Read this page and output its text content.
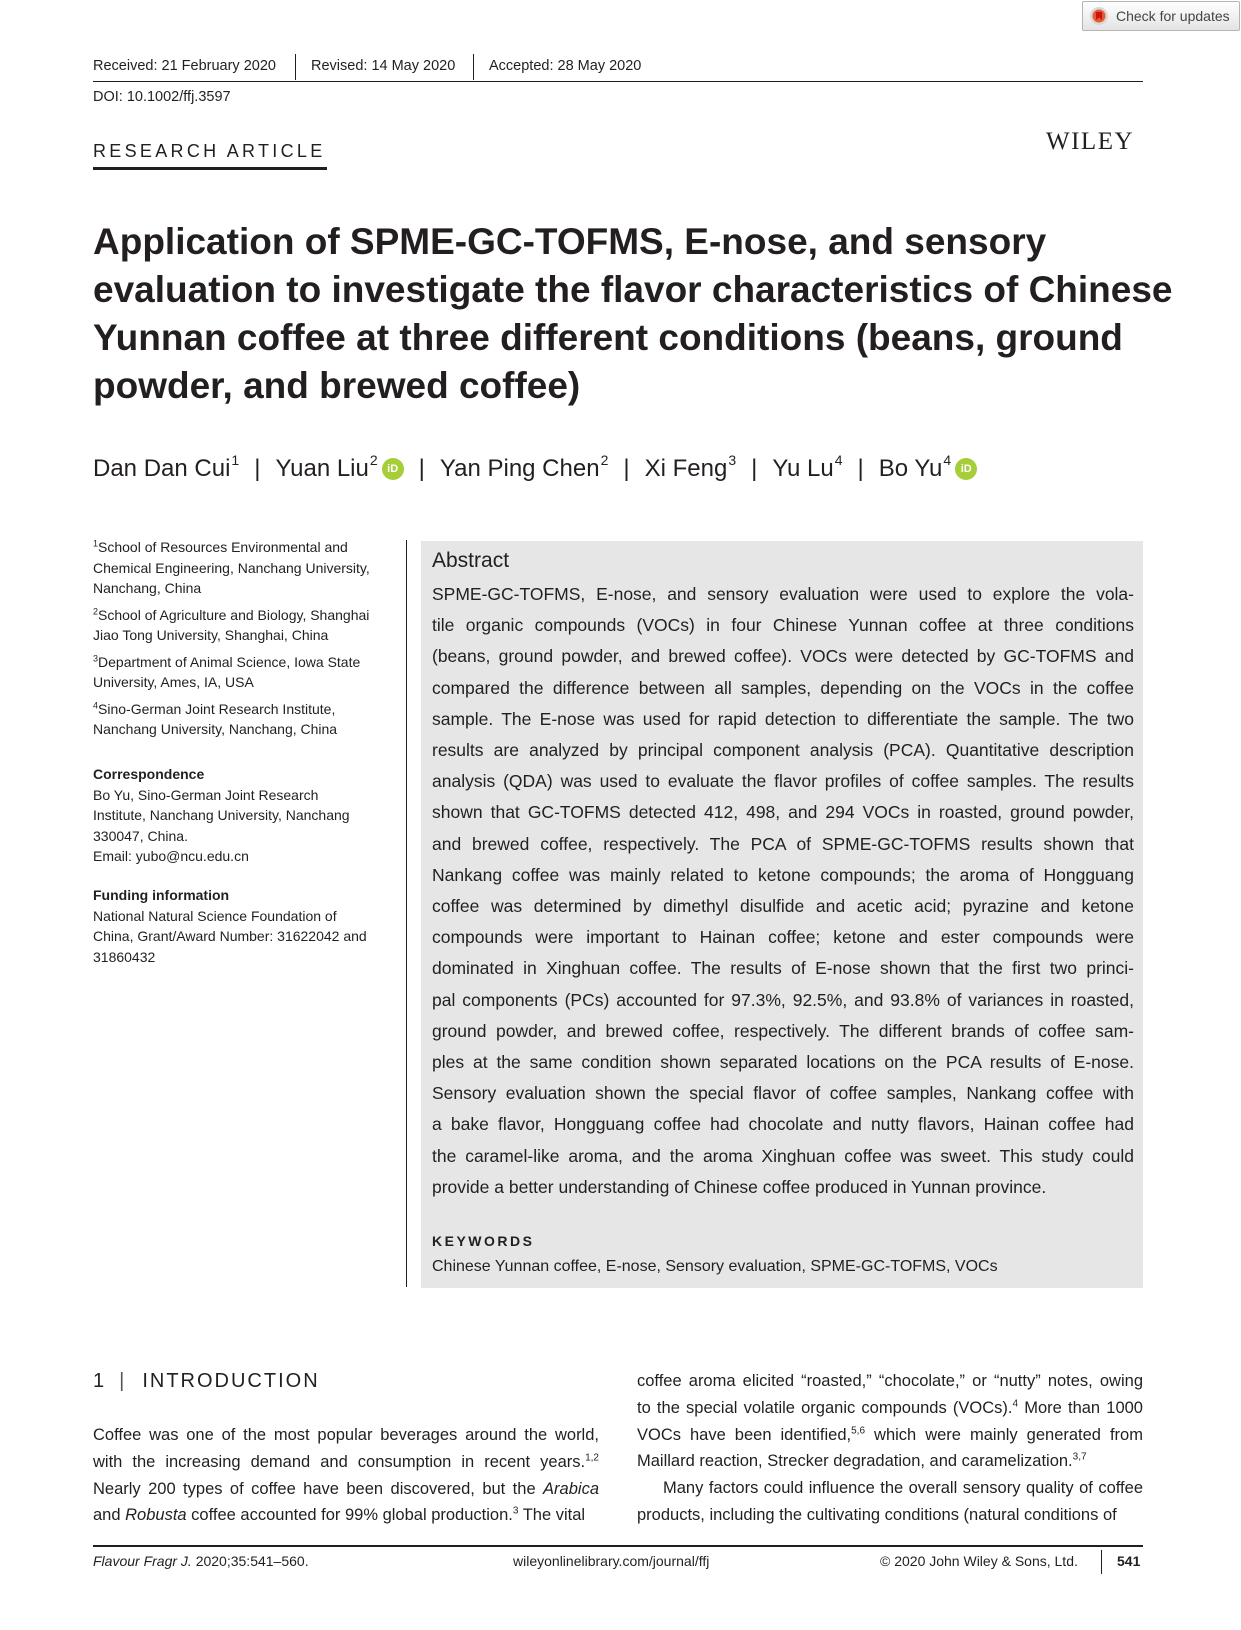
Check for updates
Received: 21 February 2020 Revised: 14 May 2020 Accepted: 28 May 2020
DOI: 10.1002/ffj.3597
RESEARCH ARTICLE	WILEY
Application of SPME-GC-TOFMS, E-nose, and sensory
evaluation to investigate the flavor characteristics of Chinese
Yunnan coffee at three different conditions (beans, ground
powder, and brewed coffee)
Dan Dan Cui$^1$ | Yuan Liu$^2$
iD | Yan Ping Chen$^2$ | Xi Feng$^3$ | Yu Lu$^4$ | Bo Yu$^4$
iD
$^1$School of Resources Environmental and
Chemical Engineering, Nanchang University,
Nanchang, China
$^2$School of Agriculture and Biology, Shanghai
Jiao Tong University, Shanghai, China
$^3$Department of Animal Science, Iowa State
University, Ames, IA, USA
$^4$Sino-German Joint Research Institute,
Nanchang University, Nanchang, China
Correspondence
Bo Yu, Sino-German Joint Research
Institute, Nanchang University, Nanchang
330047, China.
Email: yubo@ncu.edu.cn
Funding information
National Natural Science Foundation of
China, Grant/Award Number: 31622042 and
31860432
Abstract
SPME-GC-TOFMS, E-nose, and sensory evaluation were used to explore the vola-
tile organic compounds (VOCs) in four Chinese Yunnan coffee at three conditions
(beans, ground powder, and brewed coffee). VOCs were detected by GC-TOFMS and
compared the difference between all samples, depending on the VOCs in the coffee
sample. The E-nose was used for rapid detection to differentiate the sample. The two
results are analyzed by principal component analysis (PCA). Quantitative description
analysis (QDA) was used to evaluate the flavor profiles of coffee samples. The results
shown that GC-TOFMS detected 412, 498, and 294 VOCs in roasted, ground powder,
and brewed coffee, respectively. The PCA of SPME-GC-TOFMS results shown that
Nankang coffee was mainly related to ketone compounds; the aroma of Hongguang
coffee was determined by dimethyl disulfide and acetic acid; pyrazine and ketone
compounds were important to Hainan coffee; ketone and ester compounds were
dominated in Xinghuan coffee. The results of E-nose shown that the first two princi-
pal components (PCs) accounted for 97.3%, 92.5%, and 93.8% of variances in roasted,
ground powder, and brewed coffee, respectively. The different brands of coffee sam-
ples at the same condition shown separated locations on the PCA results of E-nose.
Sensory evaluation shown the special flavor of coffee samples, Nankang coffee with
a bake flavor, Hongguang coffee had chocolate and nutty flavors, Hainan coffee had
the caramel-like aroma, and the aroma Xinghuan coffee was sweet. This study could
provide a better understanding of Chinese coffee produced in Yunnan province.
KEYWORDS
Chinese Yunnan coffee, E-nose, Sensory evaluation, SPME-GC-TOFMS, VOCs
1 | INTRODUCTION
Coffee was one of the most popular beverages around the world,
with the increasing demand and consumption in recent years.$^{1,2}$
Nearly 200 types of coffee have been discovered, but the Arabica
and Robusta coffee accounted for 99% global production.$^3$ The vital
coffee aroma elicited “roasted,” “chocolate,” or “nutty” notes, owing
to the special volatile organic compounds (VOCs).$^4$ More than 1000
VOCs have been identified,$^{5,6}$ which were mainly generated from
Maillard reaction, Strecker degradation, and caramelization.$^{3,7}$
Many factors could influence the overall sensory quality of coffee
products, including the cultivating conditions (natural conditions of
Flavour Fragr J. 2020;35:541–560.	wileyonlinelibrary.com/journal/ffj	© 2020 John Wiley & Sons, Ltd.	541
